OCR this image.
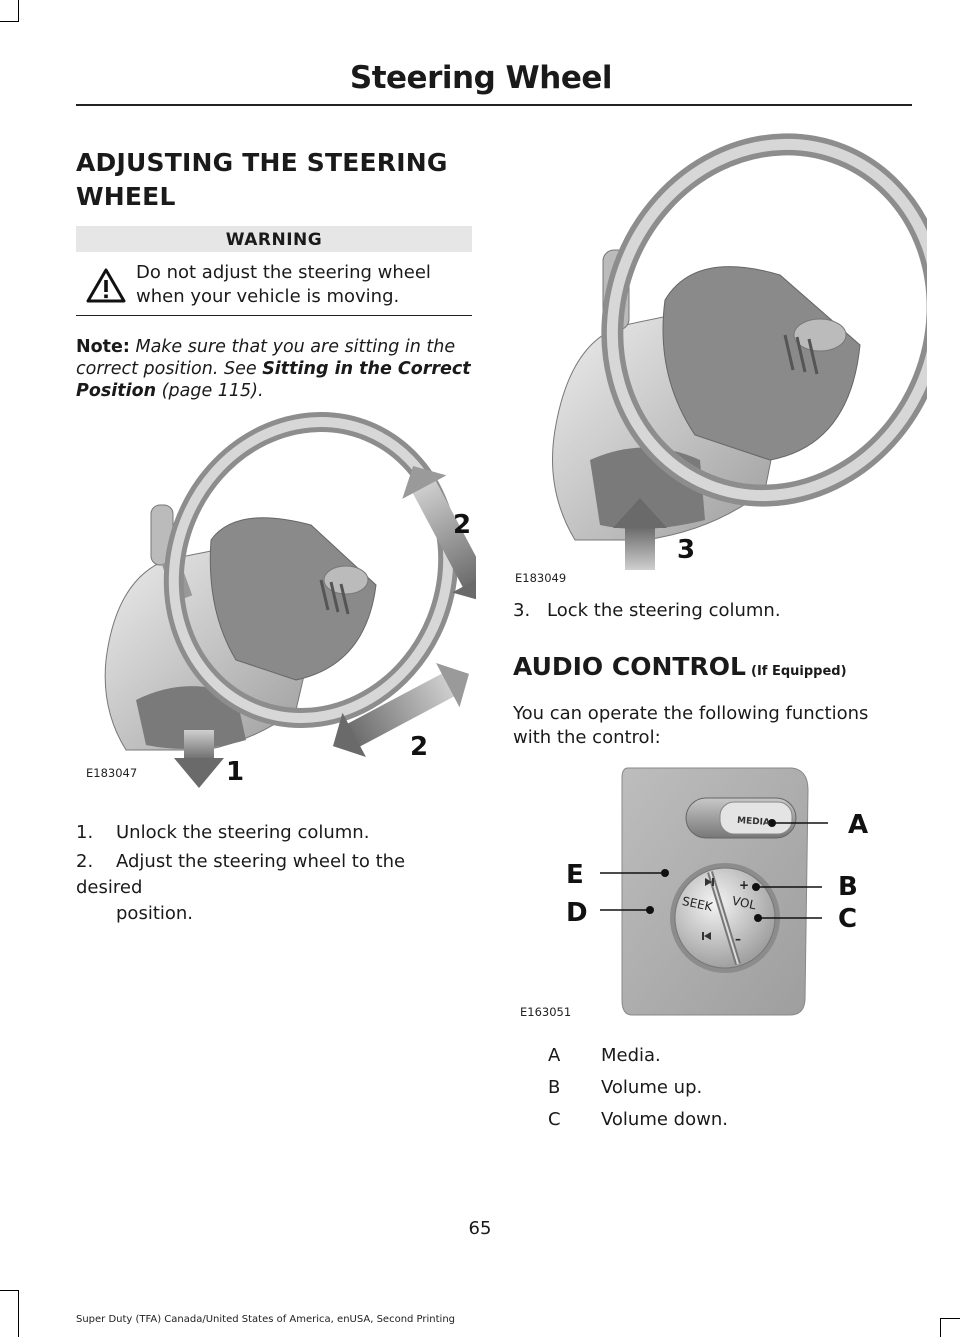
Steering Wheel
ADJUSTING THE STEERING
WHEEL
WARNING
Do not adjust the steering wheel when your vehicle is moving.
Note: Make sure that you are sitting in the correct position. See Sitting in the Correct Position (page 115).
2
2
1
E183047
1. Unlock the steering column.
2. Adjust the steering wheel to the desired
position.
3
E183049
3. Lock the steering column.
AUDIO CONTROL (If Equipped)
You can operate the following functions
with the control:
MEDIA
SEEK VOL
+
–
A
B
C
D
E
E163051
A Media.
B Volume up.
C Volume down.
65
Super Duty (TFA) Canada/United States of America, enUSA, Second Printing
